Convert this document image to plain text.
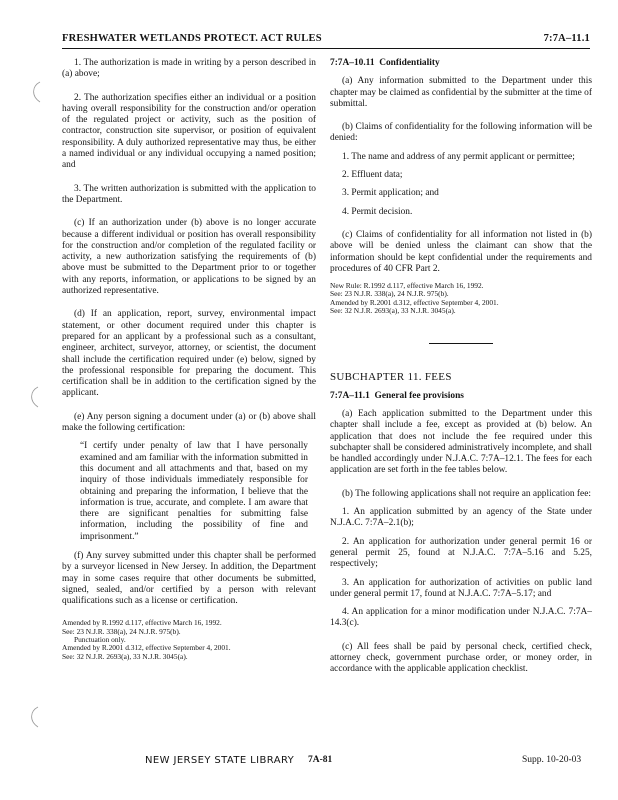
FRESHWATER WETLANDS PROTECT. ACT RULES	7:7A–11.1

1. The authorization is made in writing by a person described in (a) above;

2. The authorization specifies either an individual or a position having overall responsibility for the construction and/or operation of the regulated project or activity, such as the position of contractor, construction site supervisor, or position of equivalent responsibility. A duly authorized representative may thus, be either a named individual or any individual occupying a named position; and

3. The written authorization is submitted with the application to the Department.

(c) If an authorization under (b) above is no longer accurate because a different individual or position has overall responsibility for the construction and/or completion of the regulated facility or activity, a new authorization satisfying the requirements of (b) above must be submitted to the Department prior to or together with any reports, information, or applications to be signed by an authorized representative.

(d) If an application, report, survey, environmental impact statement, or other document required under this chapter is prepared for an applicant by a professional such as a consultant, engineer, architect, surveyor, attorney, or scientist, the document shall include the certification required under (e) below, signed by the professional responsible for preparing the document. This certification shall be in addition to the certification signed by the applicant.

(e) Any person signing a document under (a) or (b) above shall make the following certification:

“I certify under penalty of law that I have personally examined and am familiar with the information submitted in this document and all attachments and that, based on my inquiry of those individuals immediately responsible for obtaining and preparing the information, I believe that the information is true, accurate, and complete. I am aware that there are significant penalties for submitting false information, including the possibility of fine and imprisonment.”

(f) Any survey submitted under this chapter shall be performed by a surveyor licensed in New Jersey. In addition, the Department may in some cases require that other documents be submitted, signed, sealed, and/or certified by a person with relevant qualifications such as a license or certification.

Amended by R.1992 d.117, effective March 16, 1992.
See: 23 N.J.R. 338(a), 24 N.J.R. 975(b).
Punctuation only.
Amended by R.2001 d.312, effective September 4, 2001.
See: 32 N.J.R. 2693(a), 33 N.J.R. 3045(a).

7:7A–10.11 Confidentiality

(a) Any information submitted to the Department under this chapter may be claimed as confidential by the submitter at the time of submittal.

(b) Claims of confidentiality for the following information will be denied:

1. The name and address of any permit applicant or permittee;

2. Effluent data;

3. Permit application; and

4. Permit decision.

(c) Claims of confidentiality for all information not listed in (b) above will be denied unless the claimant can show that the information should be kept confidential under the requirements and procedures of 40 CFR Part 2.

New Rule: R.1992 d.117, effective March 16, 1992.
See: 23 N.J.R. 338(a), 24 N.J.R. 975(b).
Amended by R.2001 d.312, effective September 4, 2001.
See: 32 N.J.R. 2693(a), 33 N.J.R. 3045(a).

SUBCHAPTER 11. FEES

7:7A–11.1 General fee provisions

(a) Each application submitted to the Department under this chapter shall include a fee, except as provided at (b) below. An application that does not include the fee required under this subchapter shall be considered administratively incomplete, and shall be handled accordingly under N.J.A.C. 7:7A–12.1. The fees for each application are set forth in the fee tables below.

(b) The following applications shall not require an application fee:

1. An application submitted by an agency of the State under N.J.A.C. 7:7A–2.1(b);

2. An application for authorization under general permit 16 or general permit 25, found at N.J.A.C. 7:7A–5.16 and 5.25, respectively;

3. An application for authorization of activities on public land under general permit 17, found at N.J.A.C. 7:7A–5.17; and

4. An application for a minor modification under N.J.A.C. 7:7A–14.3(c).

(c) All fees shall be paid by personal check, certified check, attorney check, government purchase order, or money order, in accordance with the applicable application checklist.

NEW JERSEY STATE LIBRARY 7A-81	Supp. 10-20-03
